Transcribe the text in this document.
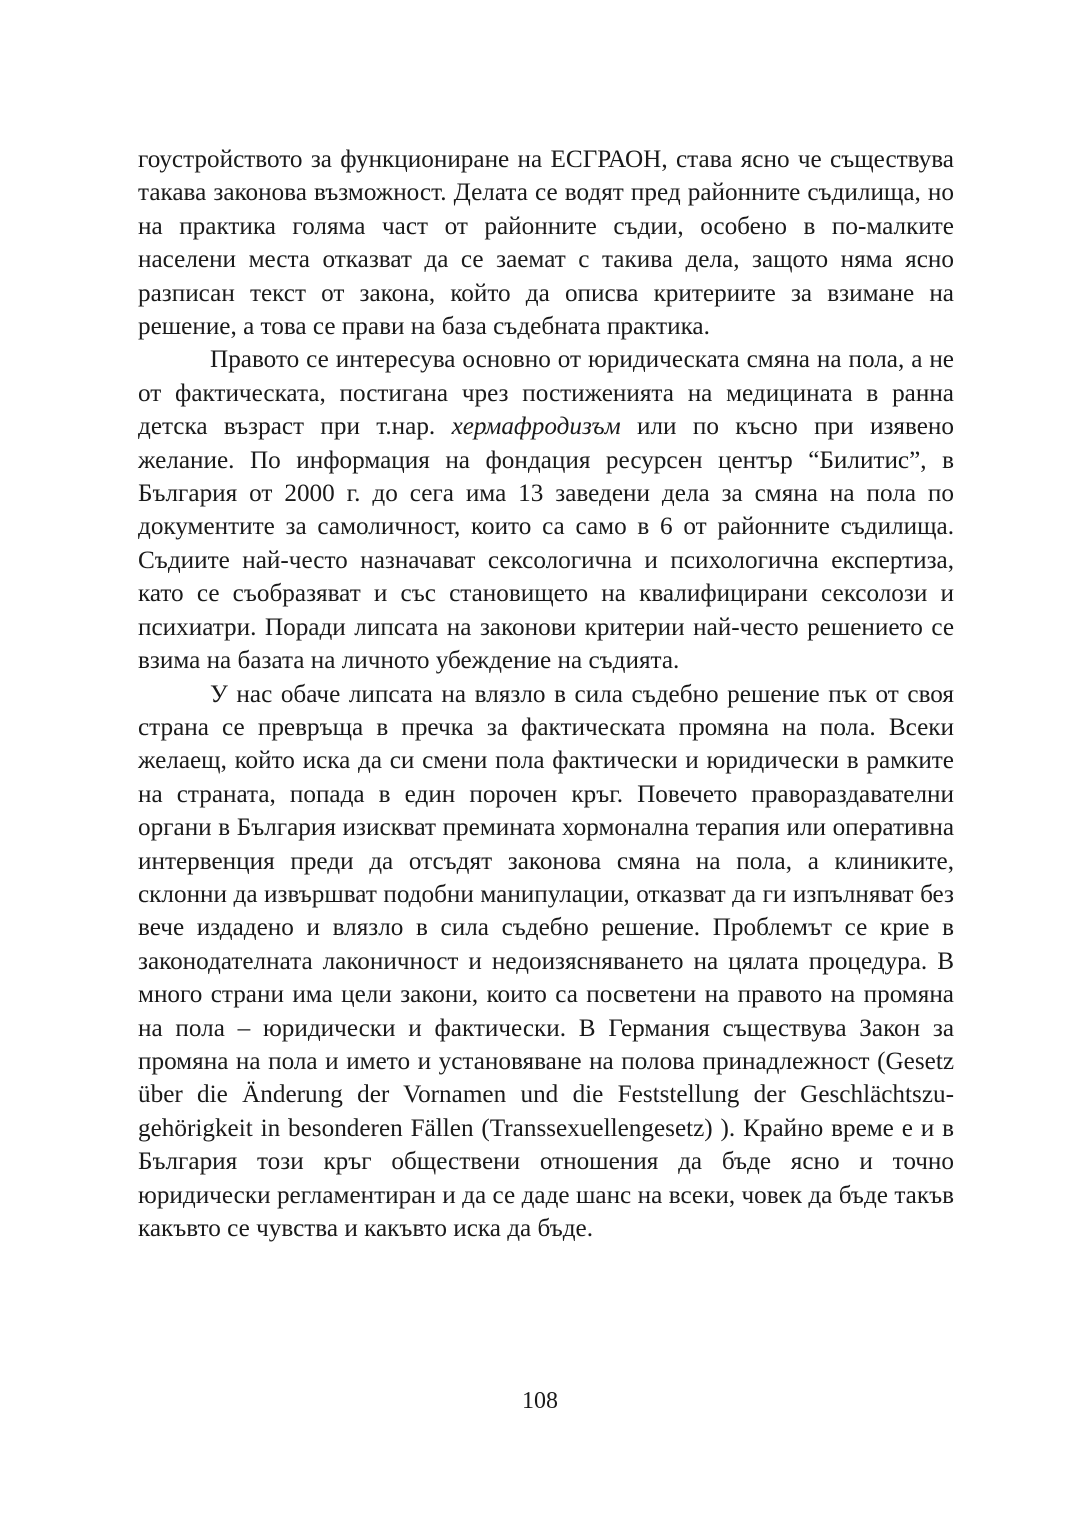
гоустройството за функциониране на ЕСГРАОН, става ясно че съществува такава законова възможност. Делата се водят пред районните съдилища, но на практика голяма част от районните съдии, особено в по-малките населени места отказват да се заемат с такива дела, защото няма ясно разписан текст от закона, който да описва критериите за взимане на решение, а това се прави на база съдебната практика.

Правото се интересува основно от юридическата смяна на пола, а не от фактическата, постигана чрез постиженията на медицината в ранна детска възраст при т.нар. хермафродизъм или по късно при изявено желание. По информация на фондация ресурсен център “Билитис”, в България от 2000 г. до сега има 13 заведени дела за смяна на пола по документите за самоличност, които са само в 6 от районните съдилища. Съдиите най-често назначават сексологична и психологична експертиза, като се съобразяват и със становището на квалифицирани сексолози и психиатри. Поради липсата на законови критерии най-често решението се взима на базата на личното убеждение на съдията.

У нас обаче липсата на влязло в сила съдебно решение пък от своя страна се превръща в пречка за фактическата промяна на пола. Всеки желаещ, който иска да си смени пола фактически и юридически в рамките на страната, попада в един порочен кръг. Повечето правораздавателни органи в България изискват преминатa хормонална терапия или оперативна интервенция преди да отсъдят законова смяна на пола, а клиниките, склонни да извършват подобни манипулации, отказват да ги изпълняват без вече издадено и влязло в сила съдебно решение. Проблемът се крие в законодателната лаконичност и недоизясняването на цялата процедура. В много страни има цели закони, които са посветени на правото на промяна на пола – юридически и фактически. В Германия съществува Закон за промяна на пола и името и установяване на полова принадлежност (Gesetz über die Änderung der Vornamen und die Feststellung der Geschlächtszugehörigkeit in besonderen Fällen (Transsexuellengesetz) ). Крайно време е и в България този кръг обществени отношения да бъде ясно и точно юридически регламентиран и да се даде шанс на всеки, човек да бъде такъв какъвто се чувства и какъвто иска да бъде.

108
